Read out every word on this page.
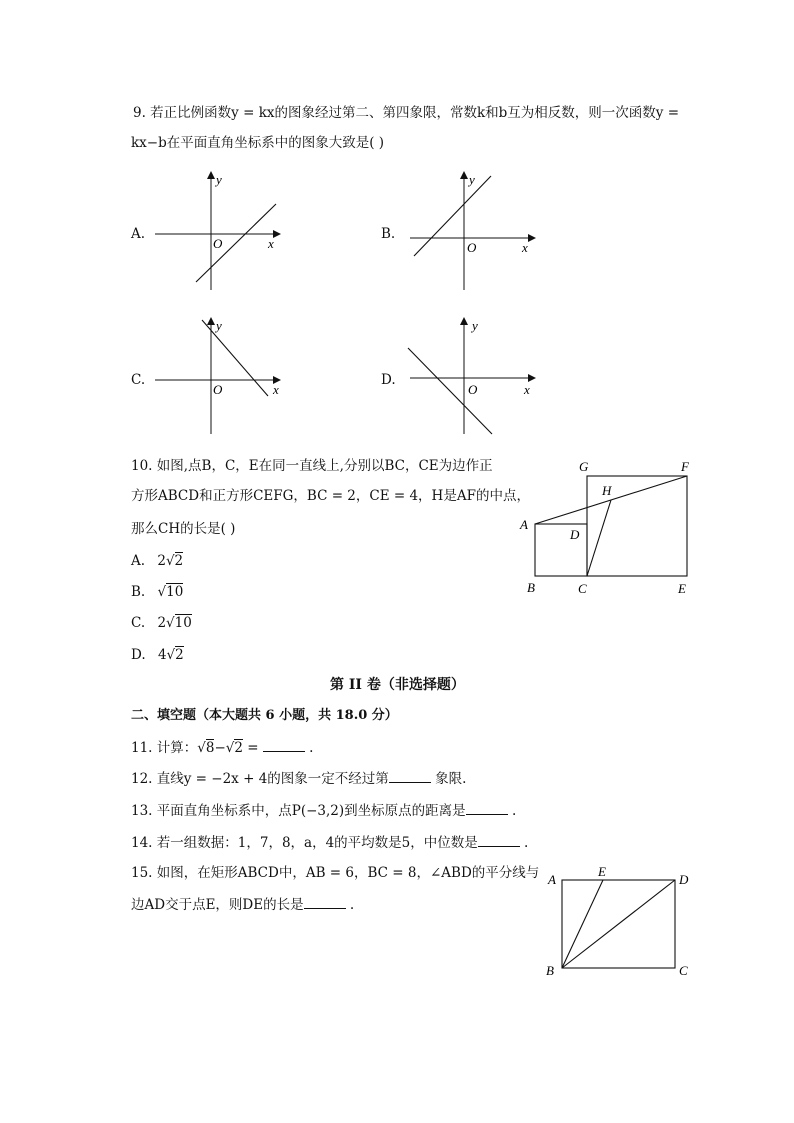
9. 若正比例函数y = kx的图象经过第二、第四象限，常数k和b互为相反数，则一次函数y =
kx−b在平面直角坐标系中的图象大致是( )
A.
y
x
O
B.
y
x
O
C.
y
x
O
D.
y
x
O
10. 如图,点B，C，E在同一直线上,分别以BC，CE为边作正
方形ABCD和正方形CEFG，BC = 2，CE = 4，H是AF的中点，
那么CH的长是( )
A. 2√2
B. √10
C. 2√10
D. 4√2
G	F
H
A
D
B	C	E
第 II 卷（非选择题）
二、填空题（本大题共 6 小题，共 18.0 分）
11. 计算：√8−√2 =	.
12. 直线y = −2x + 4的图象一定不经过第	象限.
13. 平面直角坐标系中，点P(−3,2)到坐标原点的距离是	.
14. 若一组数据：1，7，8，a，4的平均数是5，中位数是	.
15. 如图，在矩形ABCD中，AB = 6，BC = 8，∠ABD的平分线与
边AD交于点E，则DE的长是	.
A
E
D
B	C
